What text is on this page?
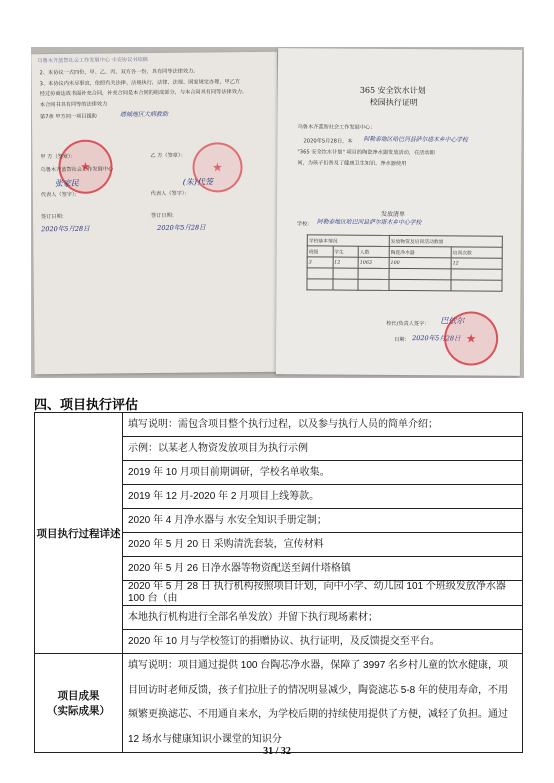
乌鲁木齐蓝智社会工作发展中心 丰安协议书续稿
2、本协议一式四份，甲、乙、丙、双方各一份，具有同等法律效力。
3、本协议内未尽事宜，依照有关法律、法规执行，法律、法规、国家规定办理，甲乙方
经过协商达成书面补充合同，补充合同是本合同的组成部分，与本合同具有同等法律效力。
本合同书具有同等的法律效力
第7条 甲方同一项目援助	塔城地区大病救助
★
★
甲 方（签章）：
乌鲁木齐蓝智社会工作发展中心
代表人（签字）：
张家民
签订日期：
2020年5月28日
乙 方（签章）：
代表人（签字）：
(朱)代签
签订日期：
2020年5月28日
365 安全饮水计划
校园执行证明
乌鲁木齐蓝智社会工作发展中心：
2020年5月28日，本 阿勒泰地区哈巴河县萨尔塔木乡中心学校
"365 安全饮水计划" 项目的陶瓷净水器发放活动，在活动期
间，为孩子们普及了健康卫生知识、净水器使用
发放清单
学校： 阿勒泰地区哈巴河县萨尔塔木乡中心学校
学校基本情况			发放物资及培训活动数量	
班级	学生	人数	陶瓷净水器	培训次数
3	12	1063	100	12

校长/负责人签字： 巴依尔
日期： 2020年5月28日
★
四、项目执行评估
项目执行过程详述	填写说明：需包含项目整个执行过程，以及参与执行人员的简单介绍；
	示例：以某老人物资发放项目为执行示例
	2019 年 10 月项目前期调研，学校名单收集。
	2019 年 12 月-2020 年 2 月项目上线筹款。
	2020 年 4 月净水器与 水安全知识手册定制；
	2020 年 5 月 20 日 采购清洗套装，宣传材料
	2020 年 5 月 26 日净水器等物资配送至阔什塔格镇
	2020 年 5 月 28 日 执行机构按照项目计划，向中小学、幼儿园 101 个班级发放净水器 100 台（由
	本地执行机构进行全部名单发放）并留下执行现场素材；
	2020 年 10 月与学校签订的捐赠协议、执行证明，及反馈提交至平台。

项目成果
（实际成果）	填写说明：项目通过提供 100 台陶芯净水器，保障了 3997 名乡村儿童的饮水健康，项目回访时老师反馈，孩子们拉肚子的情况明显减少，陶瓷滤芯 5-8 年的使用寿命，不用频繁更换滤芯、不用通自来水，为学校后期的持续使用提供了方便，减轻了负担。通过 12 场水与健康知识小课堂的知识分
31 / 32
